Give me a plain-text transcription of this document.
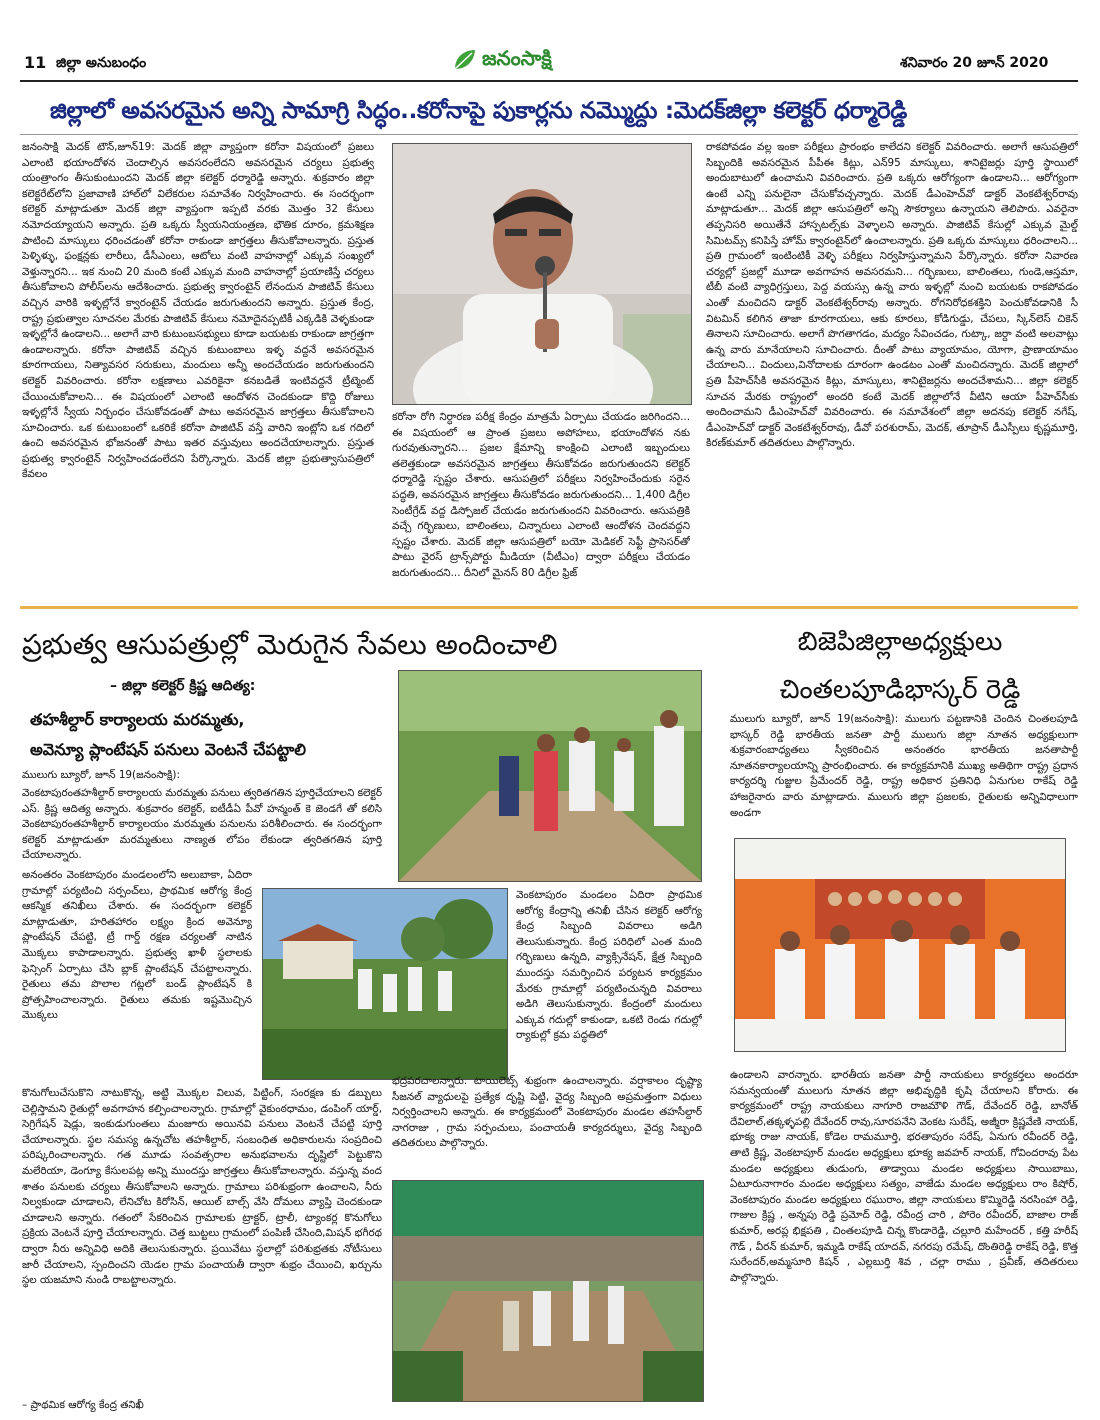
11 జిల్లా అనుబంధం	జనంసాక్షి	శనివారం 20 జూన్ 2020
జిల్లాలో అవసరమైన అన్ని సామాగ్రి సిద్ధం..కరోనాపై పుకార్లను నమ్మొద్దు :మెదక్‌జిల్లా కలెక్టర్ ధర్మారెడ్డి
జనంసాక్షి మెదక్ టౌన్,జూన్19: మెదక్ జిల్లా వ్యాప్తంగా కరోనా విషయంలో ప్రజలు ఎలాంటి భయాందోళన చెందాల్సిన అవసరంలేదని అవసరమైన చర్యలు ప్రభుత్వ యంత్రాంగం తీసుకుంటుందని మెదక్ జిల్లా కలెక్టర్ ధర్మారెడ్డి అన్నారు. శుక్రవారం జిల్లా కలెక్టరేట్‌లోని ప్రజావాణి హాల్‌లో విలేకరుల సమావేశం నిర్వహించారు. ఈ సందర్భంగా కలెక్టర్ మాట్లాడుతూ మెదక్ జిల్లా వ్యాప్తంగా ఇప్పటి వరకు మొత్తం 32 కేసులు నమోదయ్యాయని అన్నారు. ప్రతి ఒక్కరు స్వీయనియంత్రణ, భౌతిక దూరం, క్రమశిక్షణ పాటించి మాస్కులు ధరించడంతో కరోనా రాకుండా జాగ్రత్తలు తీసుకోవాలన్నారు. ప్రస్తుత పెళ్ళిళ్ళు, ఫంక్షన్లకు లారీలు, డీసీఎంలు, ఆటోలు వంటి వాహనాల్లో ఎక్కువ సంఖ్యలో వెళ్తున్నారని... ఇక నుంచి 20 మంది కంటే ఎక్కువ మంది వాహనాల్లో ప్రయాణిస్తే చర్యలు తీసుకోవాలని పోలీస్‌లను ఆదేశించారు. ప్రభుత్వ క్వారంటైన్ లేనందున పాజిటివ్ కేసులు వచ్చిన వారికి ఇళ్ళల్లోనే క్వారంటైన్ చేయడం జరుగుతుందని అన్నారు. ప్రస్తుత కేంద్ర, రాష్ట్ర ప్రభుత్వాల సూచనల మేరకు పాజిటివ్ కేసులు నమోదైనప్పటికీ ఎక్కడికి వెళ్ళకుండా ఇళ్ళల్లోనే ఉండాలని... అలాగే వారి కుటుంబసభ్యులు కూడా బయటకు రాకుండా జాగ్రత్తగా ఉండాలన్నారు. కరోనా పాజిటివ్ వచ్చిన కుటుంబాలు ఇళ్ళ వద్దనే అవసరమైన కూరగాయలు, నిత్యావసర సరుకులు, మందులు అన్నీ అందచేయడం జరుగుతుందని కలెక్టర్ వివరించారు. కరోనా లక్షణాలు ఎవరికైనా కనబడితే ఇంటివద్దనే ట్రీట్మెంట్ చేయించుకోవాలని... ఈ విషయంలో ఎలాంటి ఆందోళన చెందకుండా కొద్ది రోజులు ఇళ్ళల్లోనే స్వీయ నిర్బంధం చేసుకోవడంతో పాటు అవసరమైన జాగ్రత్తలు తీసుకోవాలని సూచించారు. ఒక కుటుంబంలో ఒకరికే కరోనా పాజిటివ్ వస్తే వారిని ఇంట్లోని ఒక గదిలో ఉంచి అవసరమైన భోజనంతో పాటు ఇతర వస్తువులు అందచేయాలన్నారు. ప్రస్తుత ప్రభుత్వ క్వారంటైన్ నిర్వహించడంలేదని పేర్కొన్నారు. మెదక్ జిల్లా ప్రభుత్వాసుపత్రిలో కేవలం
కరోనా రోగి నిర్ధారణ పరీక్ష కేంద్రం మాత్రమే ఏర్పాటు చేయడం జరిగిందని... ఈ విషయంలో ఆ ప్రాంత ప్రజలు అపోహలు, భయాందోళన నకు గురవుతున్నారని... ప్రజల క్షేమాన్ని కాంక్షించి ఎలాంటి ఇబ్బందులు తలెత్తకుండా అవసరమైన జాగ్రత్తలు తీసుకోవడం జరుగుతుందని కలెక్టర్ ధర్మారెడ్డి స్పష్టం చేశారు. ఆసుపత్రిలో పరీక్షలు నిర్వహించేందుకు సరైన పద్ధతి, అవసరమైన జాగ్రత్తలు తీసుకోవడం జరుగుతుందని... 1,400 డిగ్రీల సెంటీగ్రేడ్ వద్ద డిస్పోజల్ చేయడం జరుగుతుందని వివరించారు. ఆసుపత్రికి వచ్చే గర్భిణులు, బాలింతలు, చిన్నారులు ఎలాంటి ఆందోళన చెందవద్దని స్పష్టం చేశారు. మెదక్ జిల్లా ఆసుపత్రిలో బయో మెడికల్ సెఫ్టీ ప్రాసెసర్‌తో పాటు వైరస్ ట్రాన్స్‌పోర్టు మీడియా (వీటీఎం) ద్వారా పరీక్షలు చేయడం జరుగుతుందని... దీనిలో మైనస్ 80 డిగ్రీల ఫ్రిజ్
రాకపోవడం వల్ల ఇంకా పరీక్షలు ప్రారంభం కాలేదని కలెక్టర్ వివరించారు. అలాగే ఆసుపత్రిలో సిబ్బందికి అవసరమైన పీపీఈ కిట్లు, ఎన్95 మాస్కులు, శానిటైజర్లు పూర్తి స్థాయిలో అందుబాటులో ఉంచామని వివరించారు. ప్రతి ఒక్కరు ఆరోగ్యంగా ఉండాలని... ఆరోగ్యంగా ఉంటే ఎన్ని పనులైనా చేసుకోవచ్చన్నారు. మెదక్ డీఎంహెచ్‌వో డాక్టర్ వెంకటేశ్వర్‌రావు మాట్లాడుతూ... మెదక్ జిల్లా ఆసుపత్రిలో అన్ని సౌకర్యాలు ఉన్నాయని తెలిపారు. ఎవరైనా తప్పనిసరి అయితేనే హాస్పటల్స్‌కు వెళ్ళాలని అన్నారు. పాజిటివ్ కేసుల్లో ఎక్కువ మైల్డ్ సిమిటమ్స్ కనిపిస్తే హోమ్ క్వారంటైన్‌లో ఉంచాలన్నారు. ప్రతి ఒక్కరు మాస్కులు ధరించాలని... ప్రతి గ్రామంలో ఇంటింటికీ వెళ్ళి పరీక్షలు నిర్వహిస్తున్నామని పేర్కొన్నారు. కరోనా నివారణ చర్యల్లో ప్రజల్లో మూడా అవగాహన అవసరమని... గర్భిణులు, బాలింతలు, గుండె,ఆస్తమా, టీబీ వంటి వ్యాధిగ్రస్తులు, పెద్ద వయస్సు ఉన్న వారు ఇళ్ళల్లో నుంచి బయటకు రాకపోవడం ఎంతో మంచిదని డాక్టర్ వెంకటేశ్వర్‌రావు అన్నారు. రోగనిరోధకశక్తిని పెంచుకోవడానికి సీ విటమిన్ కలిగిన తాజా కూరగాయలు, ఆకు కూరలు, కోడిగుడ్డు, చేపలు, స్కిన్‌లెస్ చికెన్ తినాలని సూచించారు. అలాగే పొగతాగడం, మద్యం సేవించడం, గుట్కా, జర్దా వంటి అలవాట్లు ఉన్న వారు మానేయాలని సూచించారు. దీంతో పాటు వ్యాయామం, యోగా, ప్రాణాయామం చేయాలని... విందులు,వినోదాలకు దూరంగా ఉండటం ఎంతో మంచిదన్నారు. మెదక్ జిల్లాలో ప్రతి పీహెచ్‌సీకి అవసరమైన కిట్లు, మాస్కులు, శానిటైజర్లను అందచేశామని... జిల్లా కలెక్టర్ సూచన మేరకు రాష్ట్రంలో అందరి కంటే మెదక్ జిల్లాలోనే వీటిని ఆయా పీహెచ్‌సీకు అందించామని డీఎంహెచ్‌వో వివరించారు. ఈ సమావేశంలో జిల్లా అదనపు కలెక్టర్ నగేష్, డీఎంహెచ్‌వో డాక్టర్ వెంకటేశ్వర్‌రావు, డీవో పరశురామ్, మెదక్, తూప్రాన్ డీఎస్పీలు కృష్ణమూర్తి, కిరణ్‌కుమార్ తదితరులు పాల్గొన్నారు.
ప్రభుత్వ ఆసుపత్రుల్లో మెరుగైన సేవలు అందించాలి
– జిల్లా కలెక్టర్ క్రిష్ణ ఆదిత్య:
తహశీల్దార్ కార్యాలయ మరమ్మతు,
అవెన్యూ ప్లాంటేషన్ పనులు వెంటనే చేపట్టాలి
ములుగు బ్యూరో, జూన్ 19(జనంసాక్షి):
వెంకటాపురంతహశీల్దార్ కార్యాలయ మరమ్మతు పనులు త్వరితగతిన పూర్తిచేయాలని కలెక్టర్ ఎస్. క్రిష్ణ ఆదిత్య అన్నారు. శుక్రవారం కలెక్టర్, ఐటీడీఏ పీవో హన్మంత్ కె జెండగే తో కలిసి వెంకటాపురంతహశీల్దార్ కార్యాలయం మరమ్మతు పనులను పరిశీలించారు. ఈ సందర్భంగా కలెక్టర్ మాట్లాడుతూ మరమ్మతులు నాణ్యత లోపం లేకుండా త్వరితగతిన పూర్తి చేయాలన్నారు.
అనంతరం వెంకటాపురం మండలంలోని అలుబాకా, ఏదిరా గ్రామాల్లో పర్యటించి సర్పంచ్‌లు, ప్రాథమిక ఆరోగ్య కేంద్ర ఆకస్మిక తనిఖీలు చేశారు. ఈ సందర్భంగా కలెక్టర్ మాట్లాడుతూ, హరితహారం లక్ష్యం క్రింద అవెన్యూ ప్లాంటేషన్ చేపట్టి, ట్రీ గార్డ్ రక్షణ చర్యలతో నాటిన మొక్కలు కాపాడాలన్నారు. ప్రభుత్వ ఖాళీ స్థలాలకు ఫెన్సింగ్ ఏర్పాటు చేసి బ్లాక్ ప్లాంటేషన్ చేపట్టాలన్నారు. రైతులు తమ పొలాల గట్లలో బండ్ ప్లాంటేషన్ కి ప్రోత్సహించాలన్నారు. రైతులు తమకు ఇష్టమొచ్చిన మొక్కలు
వెంకటాపురం మండలం ఏదిరా ప్రాథమిక ఆరోగ్య కేంద్రాన్ని తనిఖీ చేసిన కలెక్టర్ ఆరోగ్య కేంద్ర సిబ్బంది వివరాలు అడిగి తెలుసుకున్నారు. కేంద్ర పరిధిలో ఎంత మంది గర్భిణులు ఉన్నది, వ్యాక్సినేషన్, క్షేత్ర సిబ్బంది ముందస్తు సమర్పించిన పర్యటన కార్యక్రమం మేరకు గ్రామాల్లో పర్యటించున్నది వివరాలు అడిగి తెలుసుకున్నారు. కేంద్రంలో మందులు ఎక్కువ గదుల్లో కాకుండా, ఒకటి రెండు గదుల్లో ర్యాకుల్లో క్రమ పద్ధతిలో
కొనుగోలుచేసుకొని నాటుకొన్న, అట్టి మొక్కల విలువ, పిట్టింగ్, సంరక్షణ కు డబ్బులు చెల్లిస్తామని రైతుల్లో అవగాహన కల్పించాలన్నారు. గ్రామాల్లో వైకుంఠధామం, డంపింగ్ యార్డ్, సెగ్రిగేషన్ షెడ్లు, ఇంకుడుగుంతలు మంజూరు అయినవి పనులు వెంటనే చేపట్టి పూర్తి చేయాలన్నారు. స్థల సమస్య ఉన్నచోట తహశీల్దార్, సంబంధిత అధికారులను సంప్రదించి పరిష్కరించాలన్నారు. గత మూడు సంవత్సరాల అనుభవాలను దృష్టిలో పెట్టుకొని మలేరియా, డెంగ్యూ కేసులపట్ల అన్ని ముందస్తు జాగ్రత్తలు తీసుకోవాలన్నారు. వస్తున్న వంద శాతం పనులకు చర్యలు తీసుకోవాలని అన్నారు. గ్రామాలు పరిశుభ్రంగా ఉంచాలని, నీరు నిల్వకుండా చూడాలని, లేనిచోట కిరోసిన్, ఆయిల్ బాల్స్ వేసి దోమలు వ్యాప్తి చెందకుండా చూడాలని అన్నారు. గతంలో సేకరించిన గ్రామాలకు ట్రాక్టర్, ట్రాలీ, ట్యాంకర్ల కొనుగోలు ప్రక్రియ వెంటనే పూర్తి చేయాలన్నారు. చెత్త బుట్టలు గ్రామంలో పంపిణీ చేసింది,మిషన్ భగీరథ ద్వారా నీరు అన్నివిధి అదికి తెలుసుకున్నారు. ప్రయివేటు స్థలాల్లో పరిశుభ్రతకు నోటీసులు జారీ చేయాలని, స్పందించని యెడల గ్రామ పంచాయతీ ద్వారా శుభ్రం చేయించి, ఖర్చును స్థల యజమాని నుండి రాబట్టాలన్నారు.
భద్రపరచాలన్నారు. టాయిలెట్స్ శుభ్రంగా ఉంచాలన్నారు. వర్షాకాలం దృష్ట్యా సీజనల్ వ్యాధులపై ప్రత్యేక దృష్టి పెట్టి, వైద్య సిబ్బంది అప్రమత్తంగా విధులు నిర్వర్తించాలని అన్నారు. ఈ కార్యక్రమంలో వెంకటాపురం మండల తహసీల్దార్ నాగరాజు , గ్రామ సర్పంచులు, పంచాయతీ కార్యదర్శులు, వైద్య సిబ్బంది తదితరులు పాల్గొన్నారు.
– ప్రాథమిక ఆరోగ్య కేంద్ర తనిఖీ
బిజెపిజిల్లాఅధ్యక్షులు
చింతలపూడిభాస్కర్ రెడ్డి
ములుగు బ్యూరో, జూన్ 19(జనంసాక్షి): ములుగు పట్టణానికి చెందిన చింతలపూడి భాస్కర్ రెడ్డి భారతీయ జనతా పార్టీ ములుగు జిల్లా నూతన అధ్యక్షులుగా శుక్రవారంబాధ్యతలు స్వీకరించిన అనంతరం భారతీయ జనతాపార్టీ నూతనకార్యాలయాన్ని ప్రారంభించారు. ఈ కార్యక్రమానికి ముఖ్య అతిథిగా రాష్ట్ర ప్రధాన కార్యదర్శి గుజ్జుల ప్రేమేందర్ రెడ్డి, రాష్ట్ర అధికార ప్రతినిధి ఏనుగుల రాకేష్ రెడ్డి హాజరైనారు వారు మాట్లాడారు. ములుగు జిల్లా ప్రజలకు, రైతులకు అన్నివిధాలుగా అండగా
ఉండాలని వారన్నారు. భారతీయ జనతా పార్టీ నాయకులు కార్యకర్తలు అందరూ సమన్వయంతో ములుగు నూతన జిల్లా అభివృద్ధికి కృషి చేయాలని కోరారు. ఈ కార్యక్రమంలో రాష్ట్ర నాయకులు నాగూరి రాజమౌళి గౌడ్, దేవేందర్ రెడ్డి, బానోత్ దేవిలాల్,తక్కళ్ళపల్లి దేవేందర్ రావు,సూరపనేని వెంకట సురేష్, అజ్మీరా క్రిష్ణవేణి నాయక్, భూక్య రాజు నాయక్, కోడెల రామమూర్తి, భరతాపురం సరేష్, ఏనుగు రవీందర్ రెడ్డి, తాటి క్రిష్ణ, వెంకటాపూర్ మండల అధ్యక్షులు భూక్య జవహర్ నాయక్, గోవిందరావు పేట మండల అధ్యక్షులు తుడుంగు, తాడ్వాయి మండల అధ్యక్షులు సాయిబాబు, ఏటూరునాగారం మండల అధ్యక్షులు సత్యం, వాజేడు మండల అధ్యక్షులు రాం కిషోర్, వెంకటాపురం మండల అధ్యక్షులు రఘురాం, జిల్లా నాయకులు కొమ్మిరెడ్డి నరసింహా రెడ్డి, గాజుల క్రిష్ణ , అన్నపు రెడ్డి ప్రమోద్ రెడ్డి, రవీంద్ర చారి , పోరెం రవీందర్, బాజాల రాజ్ కుమార్, అరప్ల భిక్షపతి , చింతలపూడి చిన్న కొండారెడ్డి, చల్లూరి మహేందర్ , కత్తి హరీష్ గౌడ్ , వీరన్ కుమార్, ఇమ్మడి రాకేష్ యాదవ్, నగరపు రమేష్, దొంతిరెడ్డి రాకేష్ రెడ్డి, కొత్త సురేందర్,అమ్మసూరి కిషన్ , ఎల్లబుర్తి శివ , చల్లా రాము , ప్రవీణ్, తదితరులు పాల్గొన్నారు.
